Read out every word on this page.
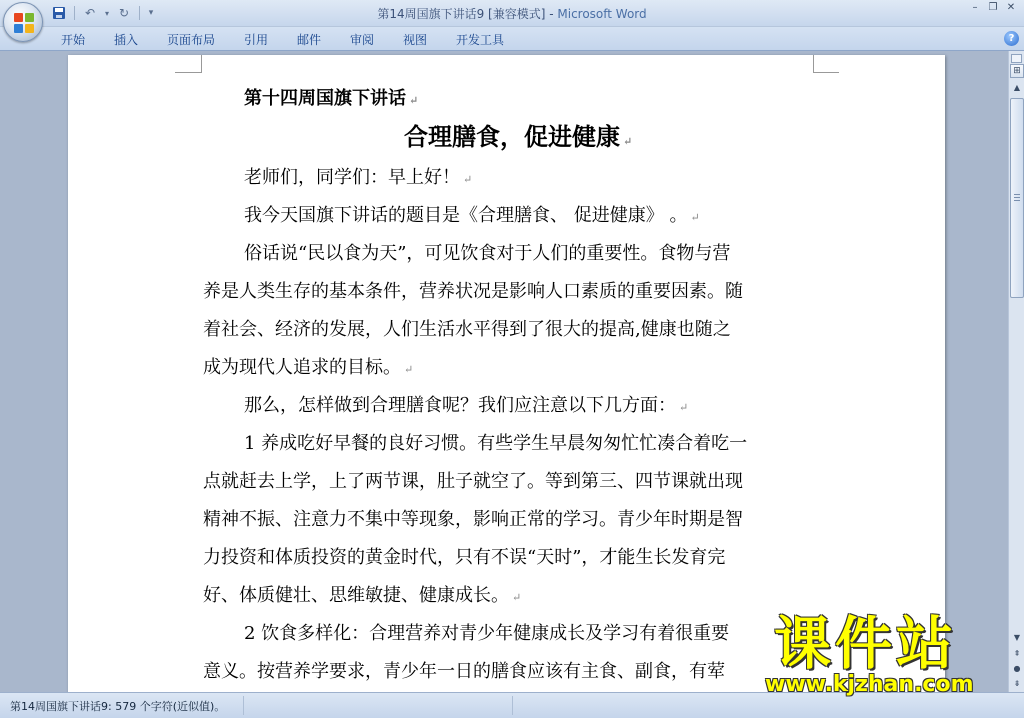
↶	▾ ↻	▾	第14周国旗下讲话9 [兼容模式] - Microsoft Word	–	❐ ✕
开始 插入 页面布局 引用 邮件 审阅 视图 开发工具	?
第十四周国旗下讲话 ↵
合理膳食，促进健康 ↵
老师们，同学们：早上好！ ↵
我今天国旗下讲话的题目是《合理膳食、 促进健康》 。 ↵
俗话说“民以食为天”，可见饮食对于人们的重要性。食物与营
养是人类生存的基本条件，营养状况是影响人口素质的重要因素。随
着社会、经济的发展，人们生活水平得到了很大的提高,健康也随之
成为现代人追求的目标。 ↵
那么，怎样做到合理膳食呢？我们应注意以下几方面： ↵
1 养成吃好早餐的良好习惯。有些学生早晨匆匆忙忙凑合着吃一
点就赶去上学，上了两节课，肚子就空了。等到第三、四节课就出现
精神不振、注意力不集中等现象，影响正常的学习。青少年时期是智
力投资和体质投资的黄金时代，只有不误“天时”，才能生长发育完
好、体质健壮、思维敏捷、健康成长。 ↵
2 饮食多样化：合理营养对青少年健康成长及学习有着很重要
意义。按营养学要求，青少年一日的膳食应该有主食、副食，有荤
⊞
▲
▼
⇞
●
⇟
第14周国旗下讲话9: 579 个字符(近似值)。
课件站
www.kjzhan.com
